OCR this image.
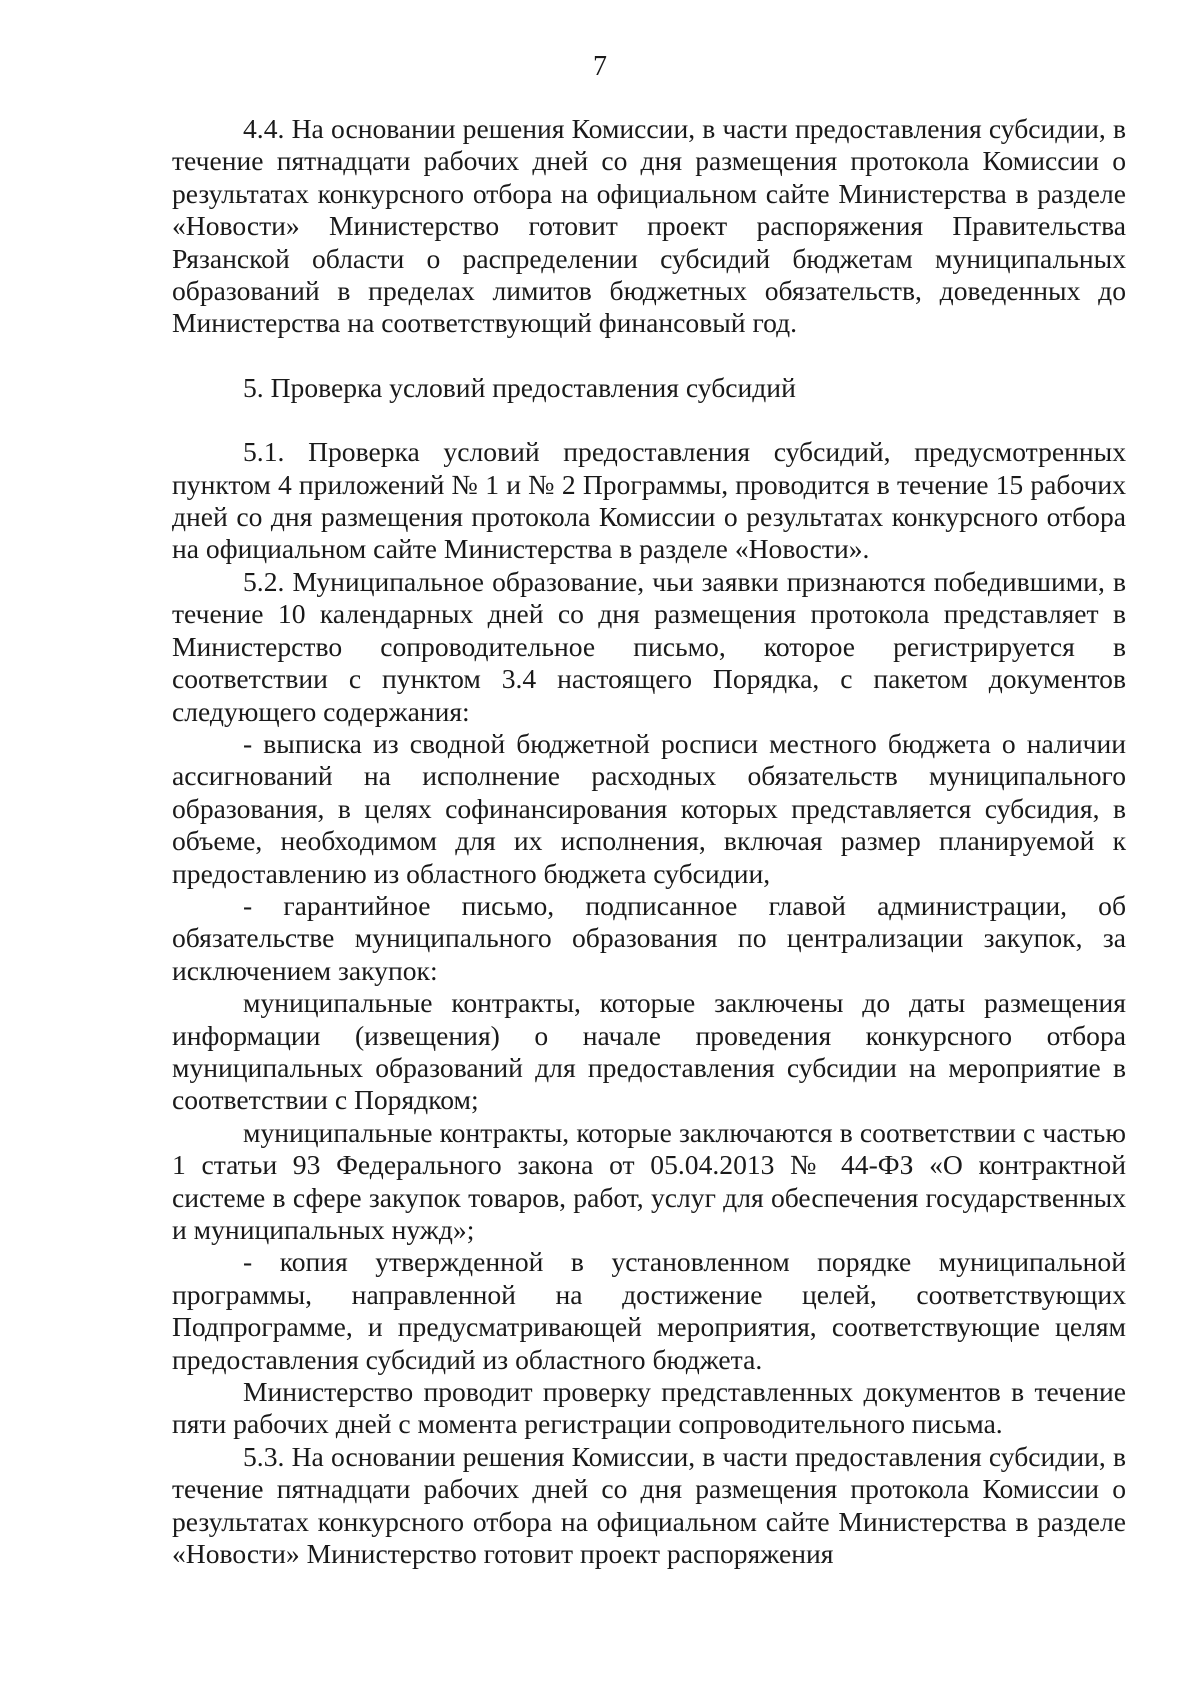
7

4.4. На основании решения Комиссии, в части предоставления субсидии, в течение пятнадцати рабочих дней со дня размещения протокола Комиссии о результатах конкурсного отбора на официальном сайте Министерства в разделе «Новости» Министерство готовит проект распоряжения Правительства Рязанской области о распределении субсидий бюджетам муниципальных образований в пределах лимитов бюджетных обязательств, доведенных до Министерства на соответствующий финансовый год.

5. Проверка условий предоставления субсидий

5.1. Проверка условий предоставления субсидий, предусмотренных пунктом 4 приложений № 1 и № 2 Программы, проводится в течение 15 рабочих дней со дня размещения протокола Комиссии о результатах конкурсного отбора на официальном сайте Министерства в разделе «Новости».

5.2. Муниципальное образование, чьи заявки признаются победившими, в течение 10 календарных дней со дня размещения протокола представляет в Министерство сопроводительное письмо, которое регистрируется в соответствии с пунктом 3.4 настоящего Порядка, с пакетом документов следующего содержания:

- выписка из сводной бюджетной росписи местного бюджета о наличии ассигнований на исполнение расходных обязательств муниципального образования, в целях софинансирования которых представляется субсидия, в объеме, необходимом для их исполнения, включая размер планируемой к предоставлению из областного бюджета субсидии,

- гарантийное письмо, подписанное главой администрации, об обязательстве муниципального образования по централизации закупок, за исключением закупок:

муниципальные контракты, которые заключены до даты размещения информации (извещения) о начале проведения конкурсного отбора муниципальных образований для предоставления субсидии на мероприятие в соответствии с Порядком;

муниципальные контракты, которые заключаются в соответствии с частью 1 статьи 93 Федерального закона от 05.04.2013 № 44-ФЗ «О контрактной системе в сфере закупок товаров, работ, услуг для обеспечения государственных и муниципальных нужд»;

- копия утвержденной в установленном порядке муниципальной программы, направленной на достижение целей, соответствующих Подпрограмме, и предусматривающей мероприятия, соответствующие целям предоставления субсидий из областного бюджета.

Министерство проводит проверку представленных документов в течение пяти рабочих дней с момента регистрации сопроводительного письма.

5.3. На основании решения Комиссии, в части предоставления субсидии, в течение пятнадцати рабочих дней со дня размещения протокола Комиссии о результатах конкурсного отбора на официальном сайте Министерства в разделе «Новости» Министерство готовит проект распоряжения
